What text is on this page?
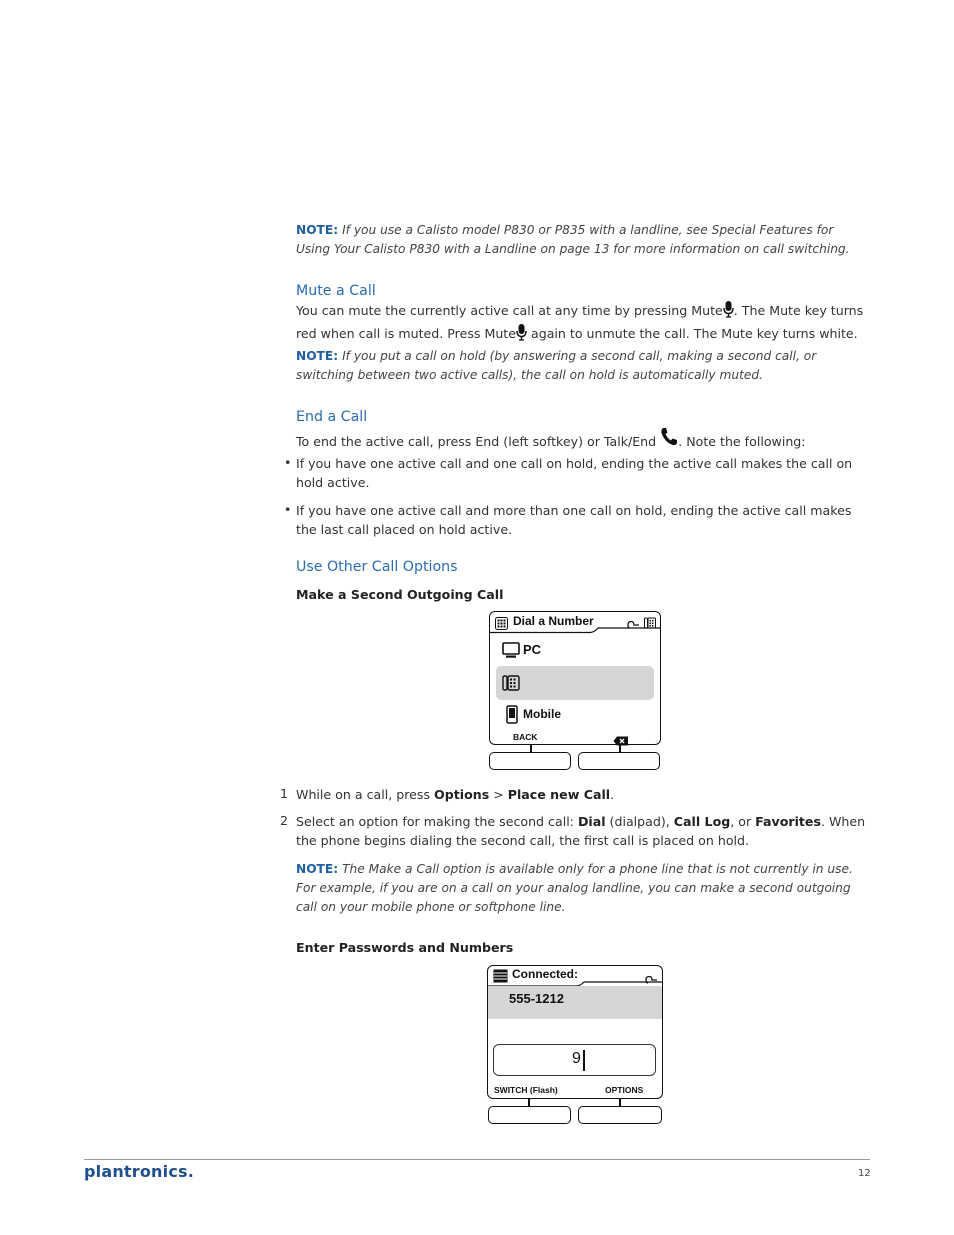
NOTE: If you use a Calisto model P830 or P835 with a landline, see Special Features for Using Your Calisto P830 with a Landline on page 13 for more information on call switching.
Mute a Call
You can mute the currently active call at any time by pressing Mute . The Mute key turns red when call is muted. Press Mute again to unmute the call. The Mute key turns white.
NOTE: If you put a call on hold (by answering a second call, making a second call, or switching between two active calls), the call on hold is automatically muted.
End a Call
To end the active call, press End (left softkey) or Talk/End . Note the following:
• If you have one active call and one call on hold, ending the active call makes the call on hold active.
• If you have one active call and more than one call on hold, ending the active call makes the last call placed on hold active.
Use Other Call Options
Make a Second Outgoing Call
Dial a Number
PC
Mobile
BACK
1 While on a call, press Options > Place new Call.
2 Select an option for making the second call: Dial (dialpad), Call Log, or Favorites. When the phone begins dialing the second call, the first call is placed on hold.
NOTE: The Make a Call option is available only for a phone line that is not currently in use. For example, if you are on a call on your analog landline, you can make a second outgoing call on your mobile phone or softphone line.
Enter Passwords and Numbers
Connected:
555-1212
9
SWITCH (Flash)	OPTIONS
plantronics.	12
